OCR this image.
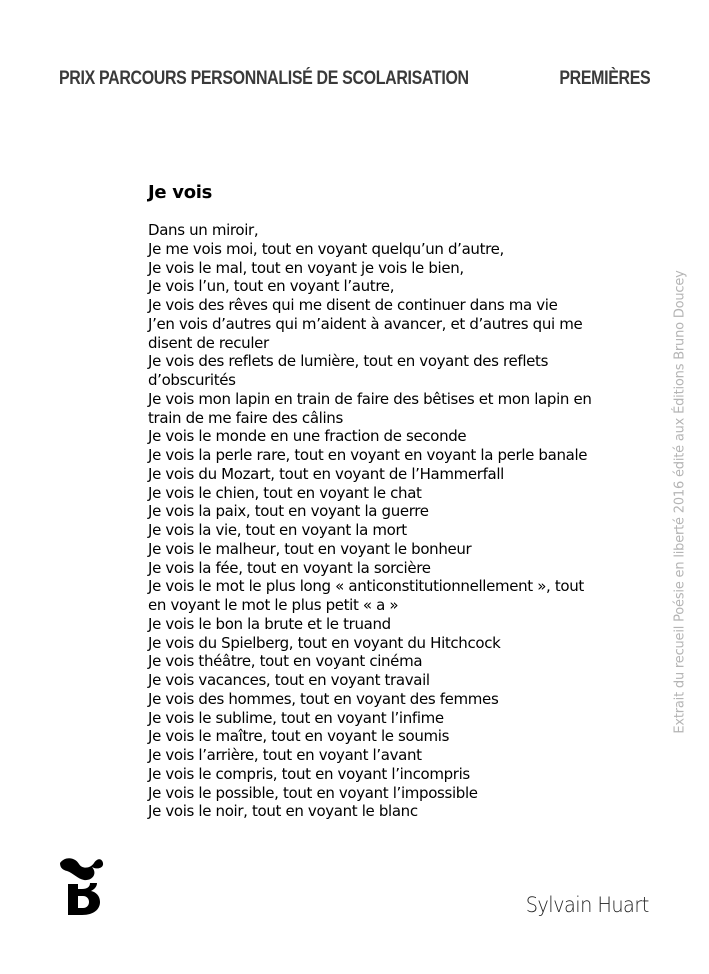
PRIX PARCOURS PERSONNALISÉ DE SCOLARISATION	PREMIÈRES
Je vois
Dans un miroir,
Je me vois moi, tout en voyant quelqu’un d’autre,
Je vois le mal, tout en voyant je vois le bien,
Je vois l’un, tout en voyant l’autre,
Je vois des rêves qui me disent de continuer dans ma vie
J’en vois d’autres qui m’aident à avancer, et d’autres qui me
disent de reculer
Je vois des reflets de lumière, tout en voyant des reflets
d’obscurités
Je vois mon lapin en train de faire des bêtises et mon lapin en
train de me faire des câlins
Je vois le monde en une fraction de seconde
Je vois la perle rare, tout en voyant en voyant la perle banale
Je vois du Mozart, tout en voyant de l’Hammerfall
Je vois le chien, tout en voyant le chat
Je vois la paix, tout en voyant la guerre
Je vois la vie, tout en voyant la mort
Je vois le malheur, tout en voyant le bonheur
Je vois la fée, tout en voyant la sorcière
Je vois le mot le plus long « anticonstitutionnellement », tout
en voyant le mot le plus petit « a »
Je vois le bon la brute et le truand
Je vois du Spielberg, tout en voyant du Hitchcock
Je vois théâtre, tout en voyant cinéma
Je vois vacances, tout en voyant travail
Je vois des hommes, tout en voyant des femmes
Je vois le sublime, tout en voyant l’infime
Je vois le maître, tout en voyant le soumis
Je vois l’arrière, tout en voyant l’avant
Je vois le compris, tout en voyant l’incompris
Je vois le possible, tout en voyant l’impossible
Je vois le noir, tout en voyant le blanc
Extrait du recueil Poésie en liberté 2016 édité aux Éditions Bruno Doucey
Sylvain Huart
